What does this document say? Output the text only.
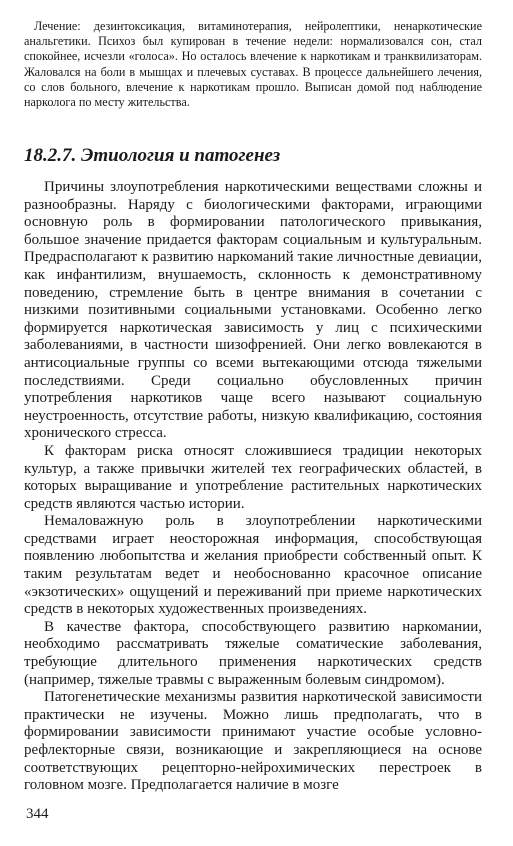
Лечение: дезинтоксикация, витаминотерапия, нейролептики, ненаркотические анальгетики. Психоз был купирован в течение недели: нормализовался сон, стал спокойнее, исчезли «голоса». Но осталось влечение к наркотикам и транквилизаторам. Жаловался на боли в мышцах и плечевых суставах. В процессе дальнейшего лечения, со слов больного, влечение к наркотикам прошло. Выписан домой под наблюдение нарколога по месту жительства.

18.2.7. Этиология и патогенез

Причины злоупотребления наркотическими веществами сложны и разнообразны. Наряду с биологическими факторами, играющими основную роль в формировании патологического привыкания, большое значение придается факторам социальным и культуральным. Предрасполагают к развитию наркоманий такие личностные девиации, как инфантилизм, внушаемость, склонность к демонстративному поведению, стремление быть в центре внимания в сочетании с низкими позитивными социальными установками. Особенно легко формируется наркотическая зависимость у лиц с психическими заболеваниями, в частности шизофренией. Они легко вовлекаются в антисоциальные группы со всеми вытекающими отсюда тяжелыми последствиями. Среди социально обусловленных причин употребления наркотиков чаще всего называют социальную неустроенность, отсутствие работы, низкую квалификацию, состояния хронического стресса.

К факторам риска относят сложившиеся традиции некоторых культур, а также привычки жителей тех географических областей, в которых выращивание и употребление растительных наркотических средств являются частью истории.

Немаловажную роль в злоупотреблении наркотическими средствами играет неосторожная информация, способствующая появлению любопытства и желания приобрести собственный опыт. К таким результатам ведет и необоснованно красочное описание «экзотических» ощущений и переживаний при приеме наркотических средств в некоторых художественных произведениях.

В качестве фактора, способствующего развитию наркомании, необходимо рассматривать тяжелые соматические заболевания, требующие длительного применения наркотических средств (например, тяжелые травмы с выраженным болевым синдромом).

Патогенетические механизмы развития наркотической зависимости практически не изучены. Можно лишь предполагать, что в формировании зависимости принимают участие особые условно-рефлекторные связи, возникающие и закрепляющиеся на основе соответствующих рецепторно-нейрохимических перестроек в головном мозге. Предполагается наличие в мозге

344
